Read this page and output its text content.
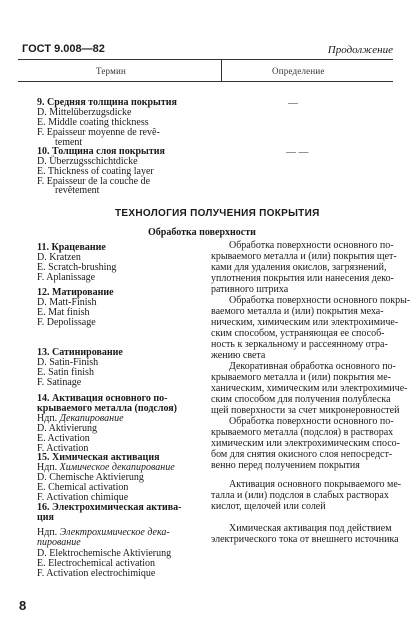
ГОСТ 9.008—82	Продолжение
Термин	Определение
9. Средняя толщина покрытия
D. Mittelüberzugsdicke
E. Middle coating thickness
F. Epaisseur moyenne de revê-
tement
—
10. Толщина слоя покрытия
D. Überzugsschichtdicke
E. Thickness of coating layer
F. Epaisseur de la couche de
revêtement
— —
ТЕХНОЛОГИЯ ПОЛУЧЕНИЯ ПОКРЫТИЯ
Обработка поверхности
11. Крацевание
D. Kratzen
E. Scratch-brushing
F. Aplanissage
Обработка поверхности основного по-
крываемого металла и (или) покрытия щет-
ками для удаления окислов, загрязнений,
уплотнения покрытия или нанесения деко-
ративного штриха
12. Матирование
D. Matt-Finish
E. Mat finish
F. Depolissage
Обработка поверхности основного покры-
ваемого металла и (или) покрытия меха-
ническим, химическим или электрохимиче-
ским способом, устраняющая ее способ-
ность к зеркальному и рассеянному отра-
жению света
13. Сатинирование
D. Satin-Finish
E. Satin finish
F. Satinage
Декоративная обработка основного по-
крываемого металла и (или) покрытия ме-
ханическим, химическим или электрохимиче-
ским способом для получения полублеска
щей поверхности за счет микронеровностей
14. Активация основного по-
крываемого металла (подслоя)
Ндп. Декапирование
D. Aktivierung
E. Activation
F. Activation
Обработка поверхности основного по-
крываемого металла (подслоя) в растворах
химическим или электрохимическим спосо-
бом для снятия окисного слоя непосредст-
венно перед получением покрытия
15. Химическая активация
Ндп. Химическое декапирование
D. Chemische Aktivierung
E. Chemical activation
F. Activation chimique
Активация основного покрываемого ме-
талла и (или) подслоя в слабых растворах
кислот, щелочей или солей
16. Электрохимическая актива-
ция
Ндп. Электрохимическое дека-
пирование
D. Elektrochemische Aktivierung
E. Electrochemical activation
F. Activation electrochimique
Химическая активация под действием
электрического тока от внешнего источника
8
